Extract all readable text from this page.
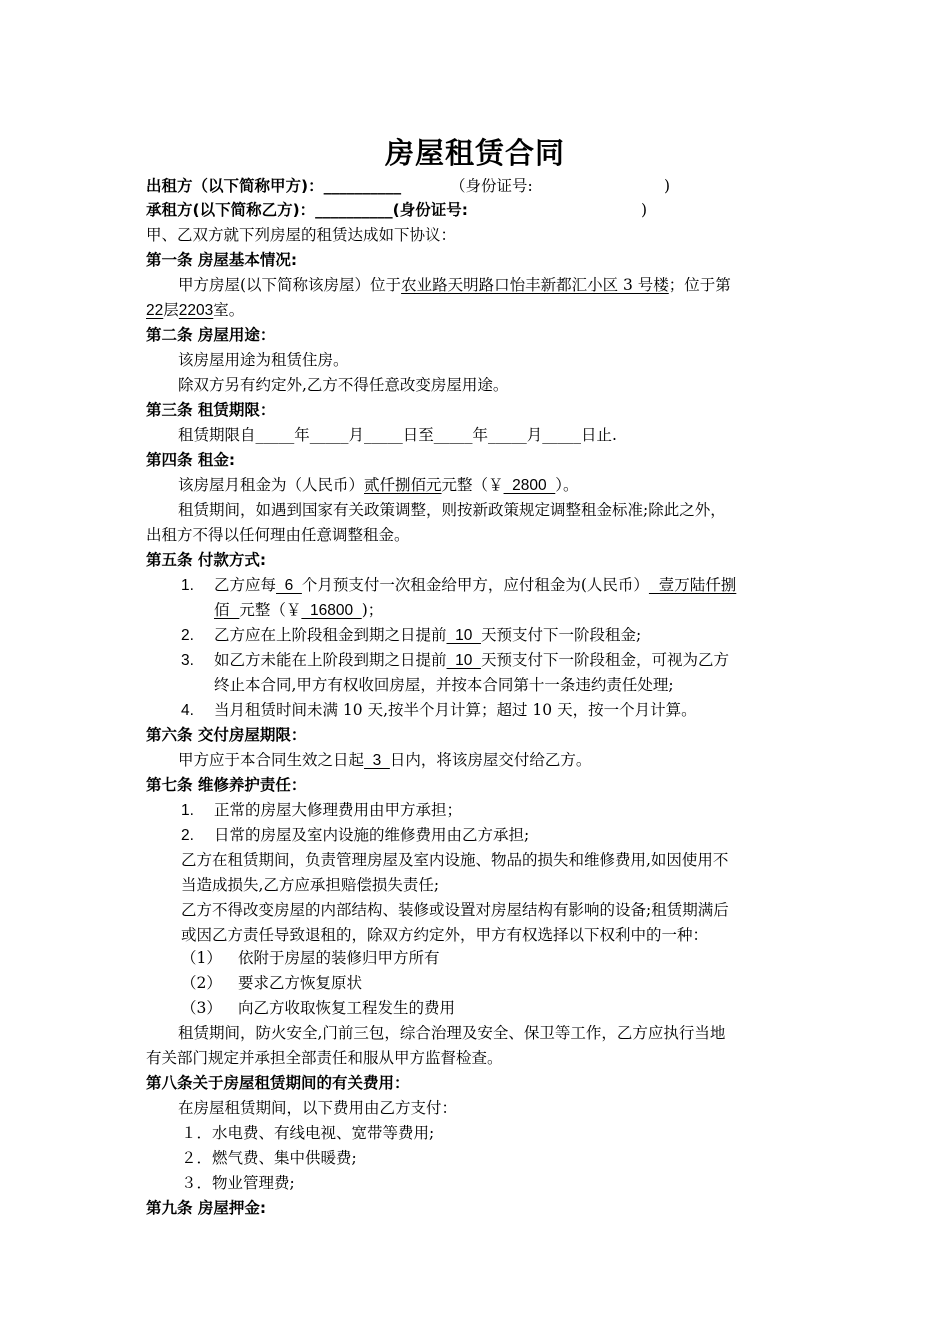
房屋租赁合同
出租方（以下简称甲方)：__________	（身份证号:	)
承租方(以下简称乙方)：__________(身份证号:	)
甲、乙双方就下列房屋的租赁达成如下协议：
第一条 房屋基本情况:
甲方房屋(以下简称该房屋）位于农业路天明路口怡丰新都汇小区 3 号楼；位于第
22层2203室。
第二条 房屋用途：
该房屋用途为租赁住房。
除双方另有约定外,乙方不得任意改变房屋用途。
第三条 租赁期限：
租赁期限自_____年_____月_____日至_____年_____月_____日止.
第四条 租金:
该房屋月租金为（人民币）贰仟捌佰元元整（￥  2800  ）。
租赁期间，如遇到国家有关政策调整，则按新政策规定调整租金标准;除此之外，
出租方不得以任何理由任意调整租金。
第五条 付款方式:
1. 乙方应每  6  个月预支付一次租金给甲方，应付租金为(人民币）  壹万陆仟捌
佰  元整（￥  16800  )；
2. 乙方应在上阶段租金到期之日提前  10  天预支付下一阶段租金;
3. 如乙方未能在上阶段到期之日提前  10  天预支付下一阶段租金，可视为乙方
终止本合同,甲方有权收回房屋，并按本合同第十一条违约责任处理;
4. 当月租赁时间未满 10 天,按半个月计算；超过 10 天，按一个月计算。
第六条 交付房屋期限：
甲方应于本合同生效之日起  3  日内，将该房屋交付给乙方。
第七条 维修养护责任：
1. 正常的房屋大修理费用由甲方承担；
2. 日常的房屋及室内设施的维修费用由乙方承担;
乙方在租赁期间，负责管理房屋及室内设施、物品的损失和维修费用,如因使用不
当造成损失,乙方应承担赔偿损失责任;
乙方不得改变房屋的内部结构、装修或设置对房屋结构有影响的设备;租赁期满后
或因乙方责任导致退租的，除双方约定外，甲方有权选择以下权利中的一种：
（1） 依附于房屋的装修归甲方所有
（2） 要求乙方恢复原状
（3） 向乙方收取恢复工程发生的费用
租赁期间，防火安全,门前三包，综合治理及安全、保卫等工作，乙方应执行当地
有关部门规定并承担全部责任和服从甲方监督检查。
第八条关于房屋租赁期间的有关费用：
在房屋租赁期间，以下费用由乙方支付：
１．水电费、有线电视、宽带等费用;
２．燃气费、集中供暖费;
３．物业管理费;
第九条 房屋押金:
